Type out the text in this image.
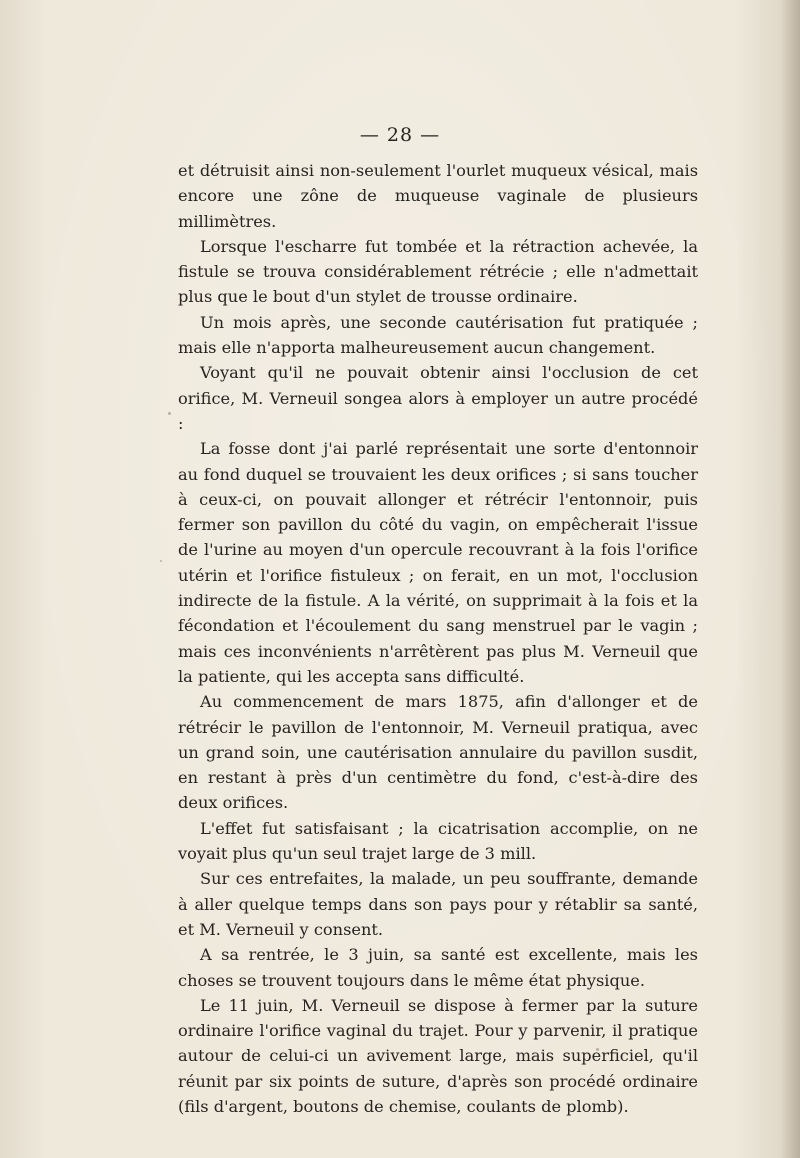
— 28 —

et détruisit ainsi non-seulement l'ourlet muqueux vésical, mais encore une zône de muqueuse vaginale de plusieurs millimètres.

Lorsque l'escharre fut tombée et la rétraction achevée, la fistule se trouva considérablement rétrécie ; elle n'admettait plus que le bout d'un stylet de trousse ordinaire.

Un mois après, une seconde cautérisation fut pratiquée ; mais elle n'apporta malheureusement aucun changement.

Voyant qu'il ne pouvait obtenir ainsi l'occlusion de cet orifice, M. Verneuil songea alors à employer un autre procédé :

La fosse dont j'ai parlé représentait une sorte d'entonnoir au fond duquel se trouvaient les deux orifices ; si sans toucher à ceux-ci, on pouvait allonger et rétrécir l'entonnoir, puis fermer son pavillon du côté du vagin, on empêcherait l'issue de l'urine au moyen d'un opercule recouvrant à la fois l'orifice utérin et l'orifice fistuleux ; on ferait, en un mot, l'occlusion indirecte de la fistule. A la vérité, on supprimait à la fois et la fécondation et l'écoulement du sang menstruel par le vagin ; mais ces inconvénients n'arrêtèrent pas plus M. Verneuil que la patiente, qui les accepta sans difficulté.

Au commencement de mars 1875, afin d'allonger et de rétrécir le pavillon de l'entonnoir, M. Verneuil pratiqua, avec un grand soin, une cautérisation annulaire du pavillon susdit, en restant à près d'un centimètre du fond, c'est-à-dire des deux orifices.

L'effet fut satisfaisant ; la cicatrisation accomplie, on ne voyait plus qu'un seul trajet large de 3 mill.

Sur ces entrefaites, la malade, un peu souffrante, demande à aller quelque temps dans son pays pour y rétablir sa santé, et M. Verneuil y consent.

A sa rentrée, le 3 juin, sa santé est excellente, mais les choses se trouvent toujours dans le même état physique.

Le 11 juin, M. Verneuil se dispose à fermer par la suture ordinaire l'orifice vaginal du trajet. Pour y parvenir, il pratique autour de celui-ci un avivement large, mais superficiel, qu'il réunit par six points de suture, d'après son procédé ordinaire (fils d'argent, boutons de chemise, coulants de plomb).
